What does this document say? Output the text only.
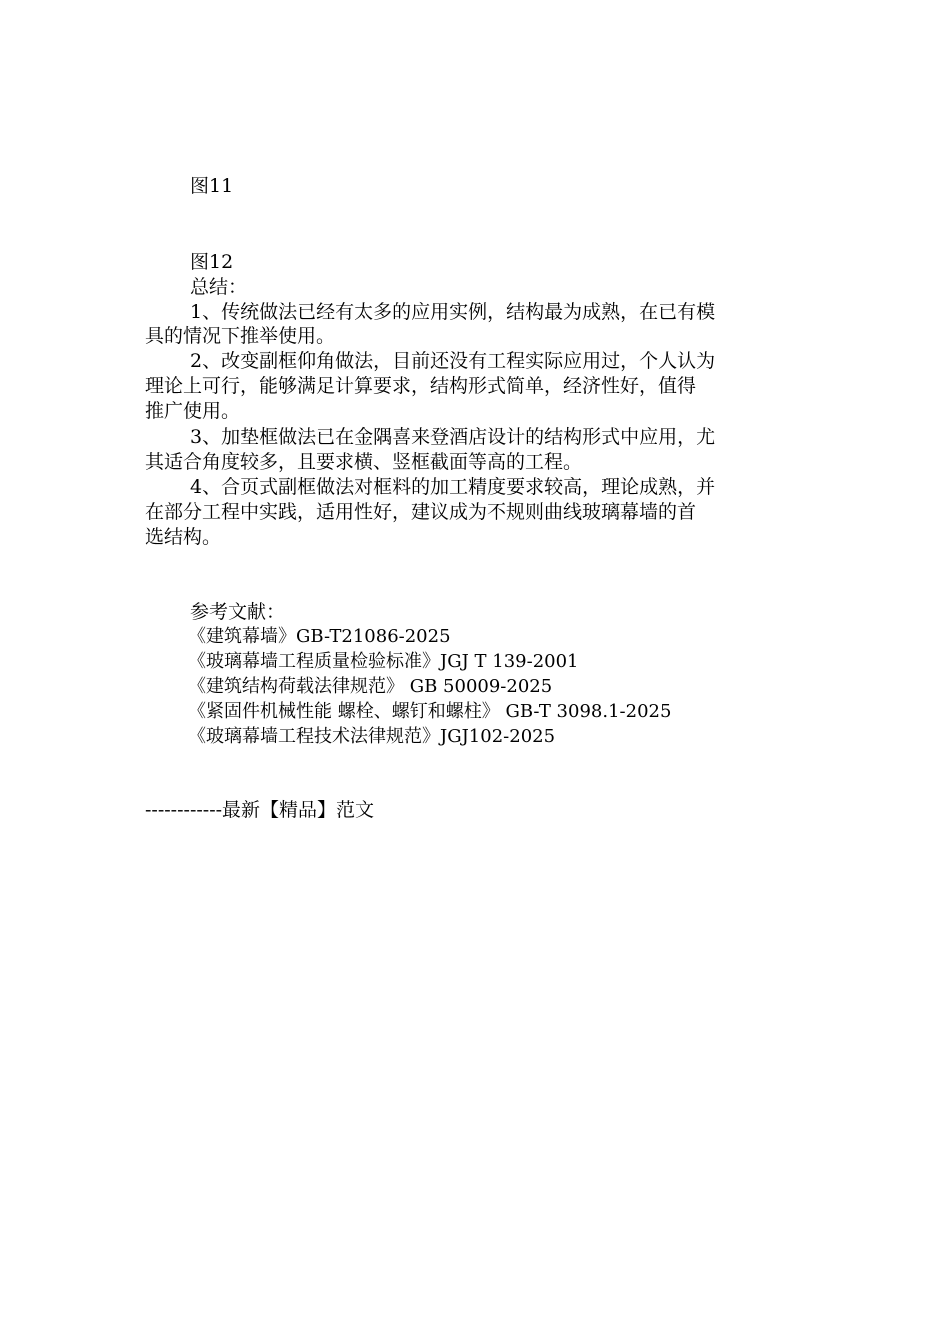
图11
图12
总结：
1、传统做法已经有太多的应用实例，结构最为成熟，在已有模
具的情况下推举使用。
2、改变副框仰角做法，目前还没有工程实际应用过，个人认为
理论上可行，能够满足计算要求，结构形式简单，经济性好，值得
推广使用。
3、加垫框做法已在金隅喜来登酒店设计的结构形式中应用，尤
其适合角度较多，且要求横、竖框截面等高的工程。
4、合页式副框做法对框料的加工精度要求较高，理论成熟，并
在部分工程中实践，适用性好，建议成为不规则曲线玻璃幕墙的首
选结构。
参考文献：
《建筑幕墙》GB-T21086-2025
《玻璃幕墙工程质量检验标准》JGJ T 139-2001
《建筑结构荷载法律规范》 GB 50009-2025
《紧固件机械性能 螺栓、螺钉和螺柱》 GB-T 3098.1-2025
《玻璃幕墙工程技术法律规范》JGJ102-2025
------------最新【精品】范文
